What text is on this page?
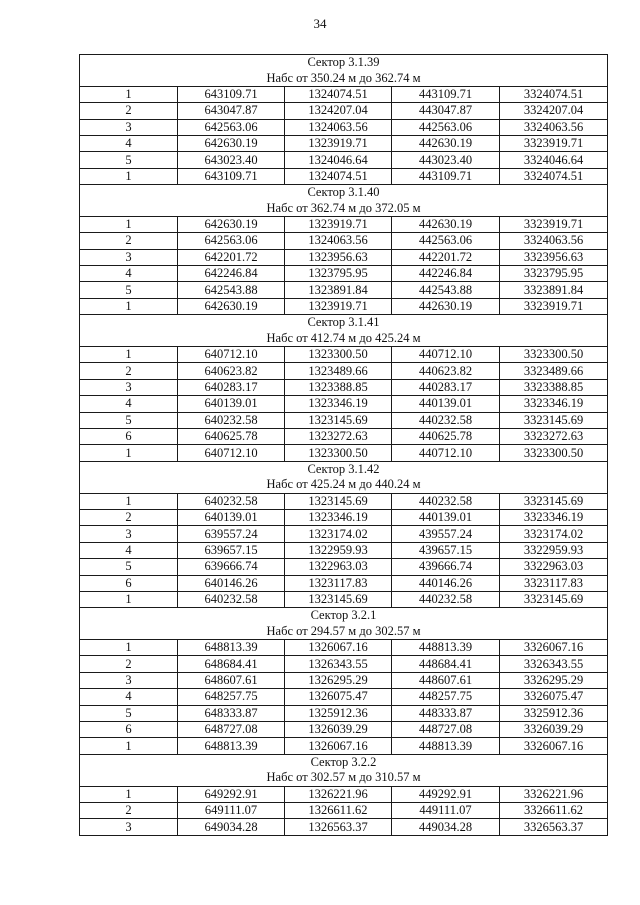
34
Сектор 3.1.39				
Набс от 350.24 м до 362.74 м				
1	643109.71	1324074.51	443109.71	3324074.51
2	643047.87	1324207.04	443047.87	3324207.04
3	642563.06	1324063.56	442563.06	3324063.56
4	642630.19	1323919.71	442630.19	3323919.71
5	643023.40	1324046.64	443023.40	3324046.64
1	643109.71	1324074.51	443109.71	3324074.51
Сектор 3.1.40				
Набс от 362.74 м до 372.05 м				
1	642630.19	1323919.71	442630.19	3323919.71
2	642563.06	1324063.56	442563.06	3324063.56
3	642201.72	1323956.63	442201.72	3323956.63
4	642246.84	1323795.95	442246.84	3323795.95
5	642543.88	1323891.84	442543.88	3323891.84
1	642630.19	1323919.71	442630.19	3323919.71
Сектор 3.1.41				
Набс от 412.74 м до 425.24 м				
1	640712.10	1323300.50	440712.10	3323300.50
2	640623.82	1323489.66	440623.82	3323489.66
3	640283.17	1323388.85	440283.17	3323388.85
4	640139.01	1323346.19	440139.01	3323346.19
5	640232.58	1323145.69	440232.58	3323145.69
6	640625.78	1323272.63	440625.78	3323272.63
1	640712.10	1323300.50	440712.10	3323300.50
Сектор 3.1.42				
Набс от 425.24 м до 440.24 м				
1	640232.58	1323145.69	440232.58	3323145.69
2	640139.01	1323346.19	440139.01	3323346.19
3	639557.24	1323174.02	439557.24	3323174.02
4	639657.15	1322959.93	439657.15	3322959.93
5	639666.74	1322963.03	439666.74	3322963.03
6	640146.26	1323117.83	440146.26	3323117.83
1	640232.58	1323145.69	440232.58	3323145.69
Сектор 3.2.1				
Набс от 294.57 м до 302.57 м				
1	648813.39	1326067.16	448813.39	3326067.16
2	648684.41	1326343.55	448684.41	3326343.55
3	648607.61	1326295.29	448607.61	3326295.29
4	648257.75	1326075.47	448257.75	3326075.47
5	648333.87	1325912.36	448333.87	3325912.36
6	648727.08	1326039.29	448727.08	3326039.29
1	648813.39	1326067.16	448813.39	3326067.16
Сектор 3.2.2				
Набс от 302.57 м до 310.57 м				
1	649292.91	1326221.96	449292.91	3326221.96
2	649111.07	1326611.62	449111.07	3326611.62
3	649034.28	1326563.37	449034.28	3326563.37
